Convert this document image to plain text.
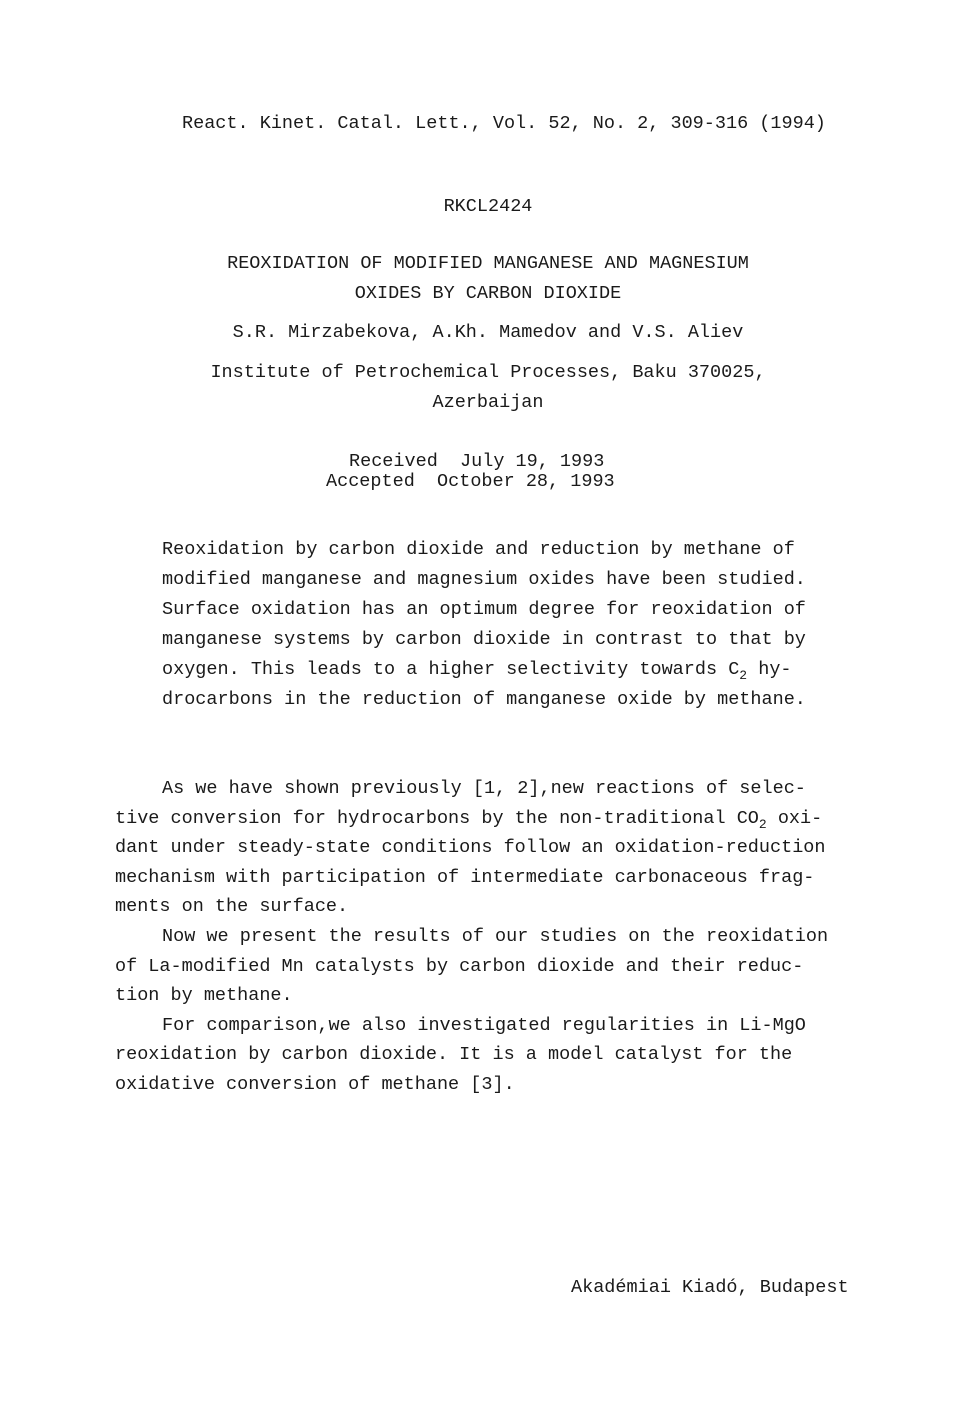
React. Kinet. Catal. Lett., Vol. 52, No. 2, 309-316 (1994)
RKCL2424
REOXIDATION OF MODIFIED MANGANESE AND MAGNESIUM
OXIDES BY CARBON DIOXIDE
S.R. Mirzabekova, A.Kh. Mamedov and V.S. Aliev
Institute of Petrochemical Processes, Baku 370025,
Azerbaijan
Received  July 19, 1993
Accepted  October 28, 1993
Reoxidation by carbon dioxide and reduction by methane of
modified manganese and magnesium oxides have been studied.
Surface oxidation has an optimum degree for reoxidation of
manganese systems by carbon dioxide in contrast to that by
oxygen. This leads to a higher selectivity towards $C_2$ hy-
drocarbons in the reduction of manganese oxide by methane.
As we have shown previously [1, 2],new reactions of selec-
tive conversion for hydrocarbons by the non-traditional $CO_2$ oxi-
dant under steady-state conditions follow an oxidation-reduction
mechanism with participation of intermediate carbonaceous frag-
ments on the surface.
Now we present the results of our studies on the reoxidation
of La-modified Mn catalysts by carbon dioxide and their reduc-
tion by methane.
For comparison,we also investigated regularities in Li-MgO
reoxidation by carbon dioxide. It is a model catalyst for the
oxidative conversion of methane [3].
Akadémiai Kiadó, Budapest
